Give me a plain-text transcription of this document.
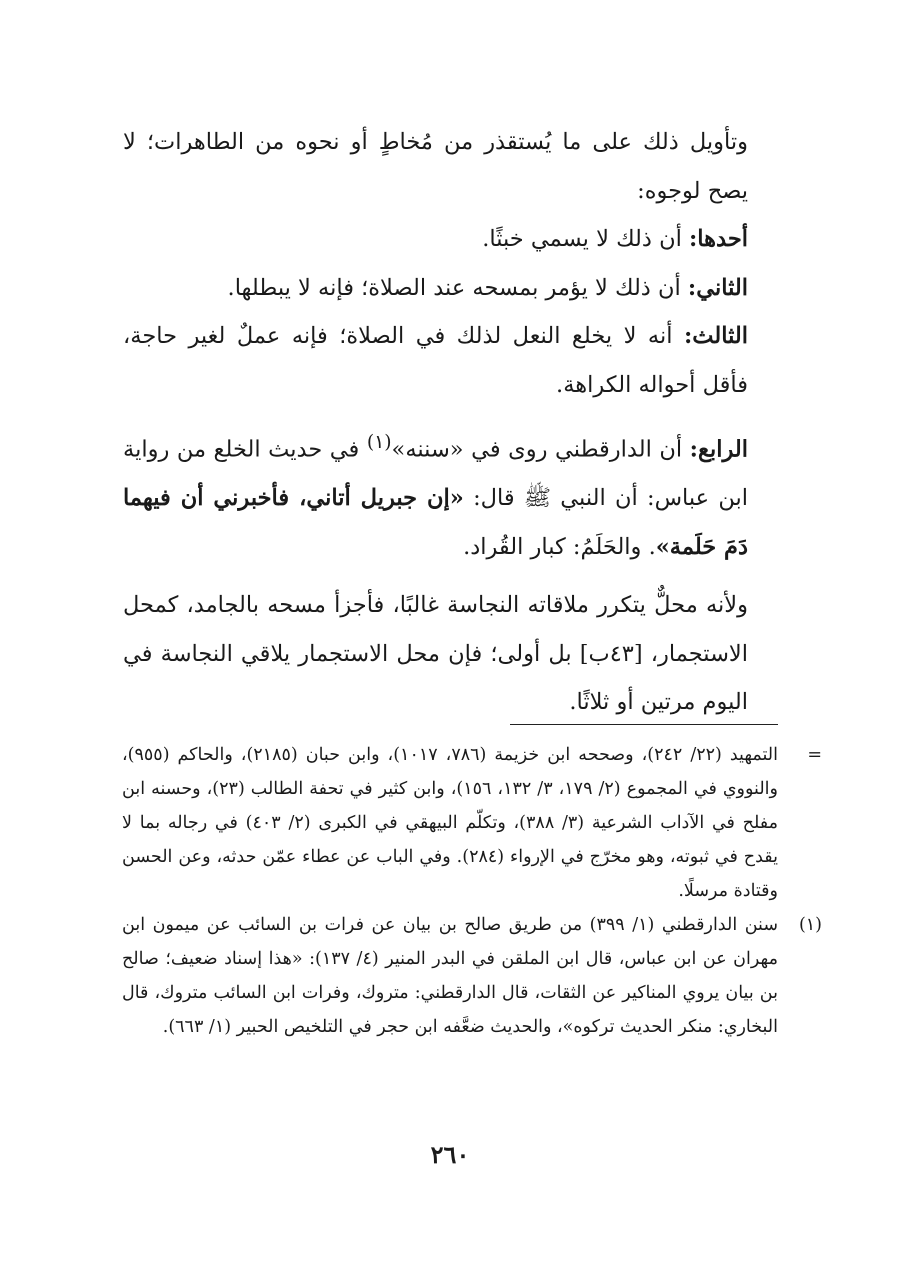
وتأويل ذلك على ما يُستقذر من مُخاطٍ أو نحوه من الطاهرات؛ لا يصح لوجوه:

أحدها: أن ذلك لا يسمي خبثًا.

الثاني: أن ذلك لا يؤمر بمسحه عند الصلاة؛ فإنه لا يبطلها.

الثالث: أنه لا يخلع النعل لذلك في الصلاة؛ فإنه عملٌ لغير حاجة، فأقل أحواله الكراهة.

الرابع: أن الدارقطني روى في «سننه»$^{(١)}$ في حديث الخلع من رواية ابن عباس: أن النبي ﷺ قال: «إن جبريل أتاني، فأخبرني أن فيهما دَمَ حَلَمة». والحَلَمُ: كبار القُراد.

ولأنه محلٌّ يتكرر ملاقاته النجاسة غالبًا، فأجزأ مسحه بالجامد، كمحل الاستجمار، [٤٣ب] بل أولى؛ فإن محل الاستجمار يلاقي النجاسة في اليوم مرتين أو ثلاثًا.

=
التمهيد (٢٢/ ٢٤٢)، وصححه ابن خزيمة (٧٨٦، ١٠١٧)، وابن حبان (٢١٨٥)، والحاكم (٩٥٥)، والنووي في المجموع (٢/ ١٧٩، ٣/ ١٣٢، ١٥٦)، وابن كثير في تحفة الطالب (٢٣)، وحسنه ابن مفلح في الآداب الشرعية (٣/ ٣٨٨)، وتكلّم البيهقي في الكبرى (٢/ ٤٠٣) في رجاله بما لا يقدح في ثبوته، وهو مخرّج في الإرواء (٢٨٤). وفي الباب عن عطاء عمّن حدثه، وعن الحسن وقتادة مرسلًا.
(١)
سنن الدارقطني (١/ ٣٩٩) من طريق صالح بن بيان عن فرات بن السائب عن ميمون ابن مهران عن ابن عباس، قال ابن الملقن في البدر المنير (٤/ ١٣٧): «هذا إسناد ضعيف؛ صالح بن بيان يروي المناكير عن الثقات، قال الدارقطني: متروك، وفرات ابن السائب متروك، قال البخاري: منكر الحديث تركوه»، والحديث ضعَّفه ابن حجر في التلخيص الحبير (١/ ٦٦٣).
٢٦٠
